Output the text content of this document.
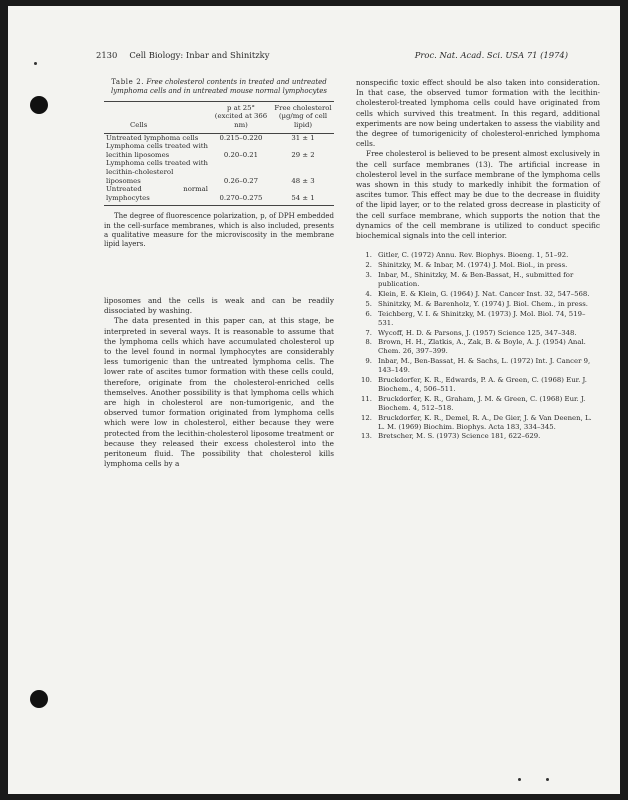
2130 Cell Biology: Inbar and Shinitzky	Proc. Nat. Acad. Sci. USA 71 (1974)
Table 2. Free cholesterol contents in treated and untreated lymphoma cells and in untreated mouse normal lymphocytes
Cells	p at 25° (excited at 366 nm)	Free cholesterol (µg/mg of cell lipid)
Untreated lymphoma cells	0.215–0.220	31 ± 1
Lymphoma cells treated with lecithin liposomes	0.20–0.21	29 ± 2
Lymphoma cells treated with lecithin-cholesterol liposomes	0.26–0.27	48 ± 3
Untreated normal lymphocytes	0.270–0.275	54 ± 1

The degree of fluorescence polarization, p, of DPH embedded in the cell-surface membranes, which is also included, presents a qualitative measure for the microviscosity in the membrane lipid layers.

liposomes and the cells is weak and can be readily dissociated by washing.

The data presented in this paper can, at this stage, be interpreted in several ways. It is reasonable to assume that the lymphoma cells which have accumulated cholesterol up to the level found in normal lymphocytes are considerably less tumorigenic than the untreated lymphoma cells. The lower rate of ascites tumor formation with these cells could, therefore, originate from the cholesterol-enriched cells themselves. Another possibility is that lymphoma cells which are high in cholesterol are non-tumorigenic, and the observed tumor formation originated from lymphoma cells which were low in cholesterol, either because they were protected from the lecithin-cholesterol liposome treatment or because they released their excess cholesterol into the peritoneum fluid. The possibility that cholesterol kills lymphoma cells by a

nonspecific toxic effect should be also taken into consideration. In that case, the observed tumor formation with the lecithin-cholesterol-treated lymphoma cells could have originated from cells which survived this treatment. In this regard, additional experiments are now being undertaken to assess the viability and the degree of tumorigenicity of cholesterol-enriched lymphoma cells.

Free cholesterol is believed to be present almost exclusively in the cell surface membranes (13). The artificial increase in cholesterol level in the surface membrane of the lymphoma cells was shown in this study to markedly inhibit the formation of ascites tumor. This effect may be due to the decrease in fluidity of the lipid layer, or to the related gross decrease in plasticity of the cell surface membrane, which supports the notion that the dynamics of the cell membrane is utilized to conduct specific biochemical signals into the cell interior.

1. Gitler, C. (1972) Annu. Rev. Biophys. Bioeng. 1, 51–92.
2. Shinitzky, M. & Inbar, M. (1974) J. Mol. Biol., in press.
3. Inbar, M., Shinitzky, M. & Ben-Bassat, H., submitted for publication.
4. Klein, E. & Klein, G. (1964) J. Nat. Cancer Inst. 32, 547–568.
5. Shinitzky, M. & Barenholz, Y. (1974) J. Biol. Chem., in press.
6. Teichberg, V. I. & Shinitzky, M. (1973) J. Mol. Biol. 74, 519–531.
7. Wycoff, H. D. & Parsons, J. (1957) Science 125, 347–348.
8. Brown, H. H., Zlatkis, A., Zak, B. & Boyle, A. J. (1954) Anal. Chem. 26, 397–399.
9. Inbar, M., Ben-Bassat, H. & Sachs, L. (1972) Int. J. Cancer 9, 143–149.
10. Bruckdorfer, K. R., Edwards, P. A. & Green, C. (1968) Eur. J. Biochem., 4, 506–511.
11. Bruckdorfer, K. R., Graham, J. M. & Green, C. (1968) Eur. J. Biochem. 4, 512–518.
12. Bruckdorfer, K. R., Demel, R. A., De Gier, J. & Van Deenen, L. L. M. (1969) Biochim. Biophys. Acta 183, 334–345.
13. Bretscher, M. S. (1973) Science 181, 622–629.
